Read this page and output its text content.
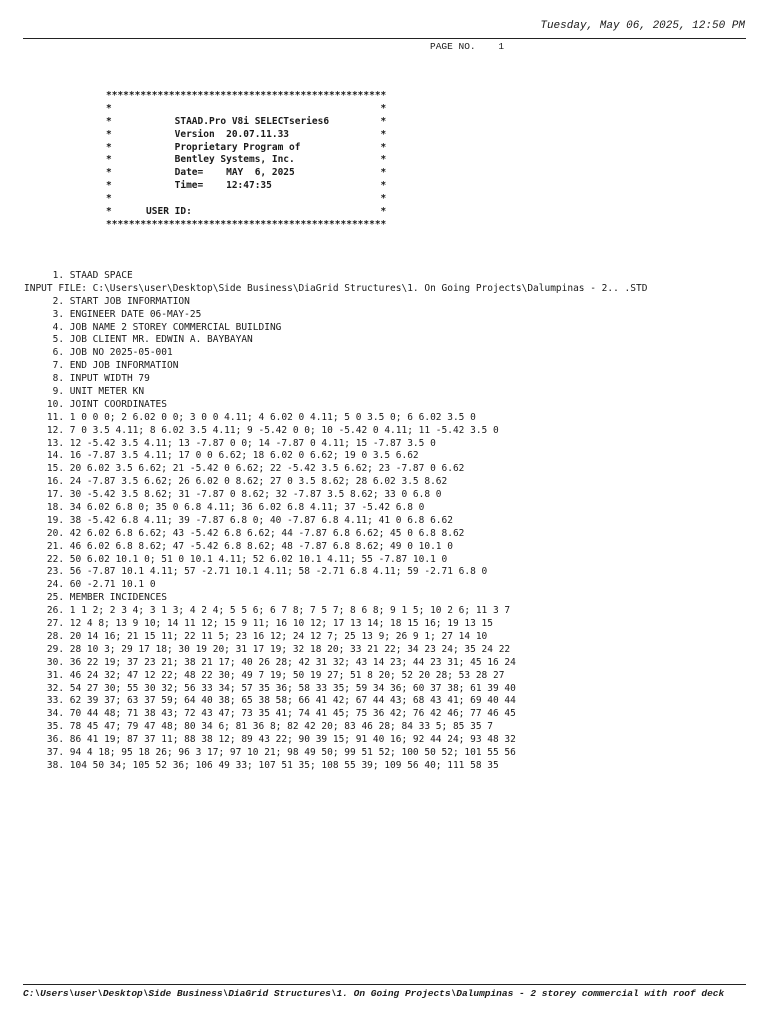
Tuesday, May 06, 2025, 12:50 PM
PAGE NO. 1
*************************************************
*                                               *
*           STAAD.Pro V8i SELECTseries6         *
*           Version  20.07.11.33                *
*           Proprietary Program of              *
*           Bentley Systems, Inc.               *
*           Date=    MAY  6, 2025               *
*           Time=    12:47:35                   *
*                                               *
*      USER ID:                                 *
*************************************************
1. STAAD SPACE
INPUT FILE: C:\Users\user\Desktop\Side Business\DiaGrid Structures\1. On Going Projects\Dalumpinas - 2.. .STD
2. START JOB INFORMATION
3. ENGINEER DATE 06-MAY-25
4. JOB NAME 2 STOREY COMMERCIAL BUILDING
5. JOB CLIENT MR. EDWIN A. BAYBAYAN
6. JOB NO 2025-05-001
7. END JOB INFORMATION
8. INPUT WIDTH 79
9. UNIT METER KN
10. JOINT COORDINATES
11. 1 0 0 0; 2 6.02 0 0; 3 0 0 4.11; 4 6.02 0 4.11; 5 0 3.5 0; 6 6.02 3.5 0
12. 7 0 3.5 4.11; 8 6.02 3.5 4.11; 9 -5.42 0 0; 10 -5.42 0 4.11; 11 -5.42 3.5 0
13. 12 -5.42 3.5 4.11; 13 -7.87 0 0; 14 -7.87 0 4.11; 15 -7.87 3.5 0
14. 16 -7.87 3.5 4.11; 17 0 0 6.62; 18 6.02 0 6.62; 19 0 3.5 6.62
15. 20 6.02 3.5 6.62; 21 -5.42 0 6.62; 22 -5.42 3.5 6.62; 23 -7.87 0 6.62
16. 24 -7.87 3.5 6.62; 26 6.02 0 8.62; 27 0 3.5 8.62; 28 6.02 3.5 8.62
17. 30 -5.42 3.5 8.62; 31 -7.87 0 8.62; 32 -7.87 3.5 8.62; 33 0 6.8 0
18. 34 6.02 6.8 0; 35 0 6.8 4.11; 36 6.02 6.8 4.11; 37 -5.42 6.8 0
19. 38 -5.42 6.8 4.11; 39 -7.87 6.8 0; 40 -7.87 6.8 4.11; 41 0 6.8 6.62
20. 42 6.02 6.8 6.62; 43 -5.42 6.8 6.62; 44 -7.87 6.8 6.62; 45 0 6.8 8.62
21. 46 6.02 6.8 8.62; 47 -5.42 6.8 8.62; 48 -7.87 6.8 8.62; 49 0 10.1 0
22. 50 6.02 10.1 0; 51 0 10.1 4.11; 52 6.02 10.1 4.11; 55 -7.87 10.1 0
23. 56 -7.87 10.1 4.11; 57 -2.71 10.1 4.11; 58 -2.71 6.8 4.11; 59 -2.71 6.8 0
24. 60 -2.71 10.1 0
25. MEMBER INCIDENCES
26. 1 1 2; 2 3 4; 3 1 3; 4 2 4; 5 5 6; 6 7 8; 7 5 7; 8 6 8; 9 1 5; 10 2 6; 11 3 7
27. 12 4 8; 13 9 10; 14 11 12; 15 9 11; 16 10 12; 17 13 14; 18 15 16; 19 13 15
28. 20 14 16; 21 15 11; 22 11 5; 23 16 12; 24 12 7; 25 13 9; 26 9 1; 27 14 10
29. 28 10 3; 29 17 18; 30 19 20; 31 17 19; 32 18 20; 33 21 22; 34 23 24; 35 24 22
30. 36 22 19; 37 23 21; 38 21 17; 40 26 28; 42 31 32; 43 14 23; 44 23 31; 45 16 24
31. 46 24 32; 47 12 22; 48 22 30; 49 7 19; 50 19 27; 51 8 20; 52 20 28; 53 28 27
32. 54 27 30; 55 30 32; 56 33 34; 57 35 36; 58 33 35; 59 34 36; 60 37 38; 61 39 40
33. 62 39 37; 63 37 59; 64 40 38; 65 38 58; 66 41 42; 67 44 43; 68 43 41; 69 40 44
34. 70 44 48; 71 38 43; 72 43 47; 73 35 41; 74 41 45; 75 36 42; 76 42 46; 77 46 45
35. 78 45 47; 79 47 48; 80 34 6; 81 36 8; 82 42 20; 83 46 28; 84 33 5; 85 35 7
36. 86 41 19; 87 37 11; 88 38 12; 89 43 22; 90 39 15; 91 40 16; 92 44 24; 93 48 32
37. 94 4 18; 95 18 26; 96 3 17; 97 10 21; 98 49 50; 99 51 52; 100 50 52; 101 55 56
38. 104 50 34; 105 52 36; 106 49 33; 107 51 35; 108 55 39; 109 56 40; 111 58 35
C:\Users\user\Desktop\Side Business\DiaGrid Structures\1. On Going Projects\Dalumpinas - 2 storey commercial with roof deck
